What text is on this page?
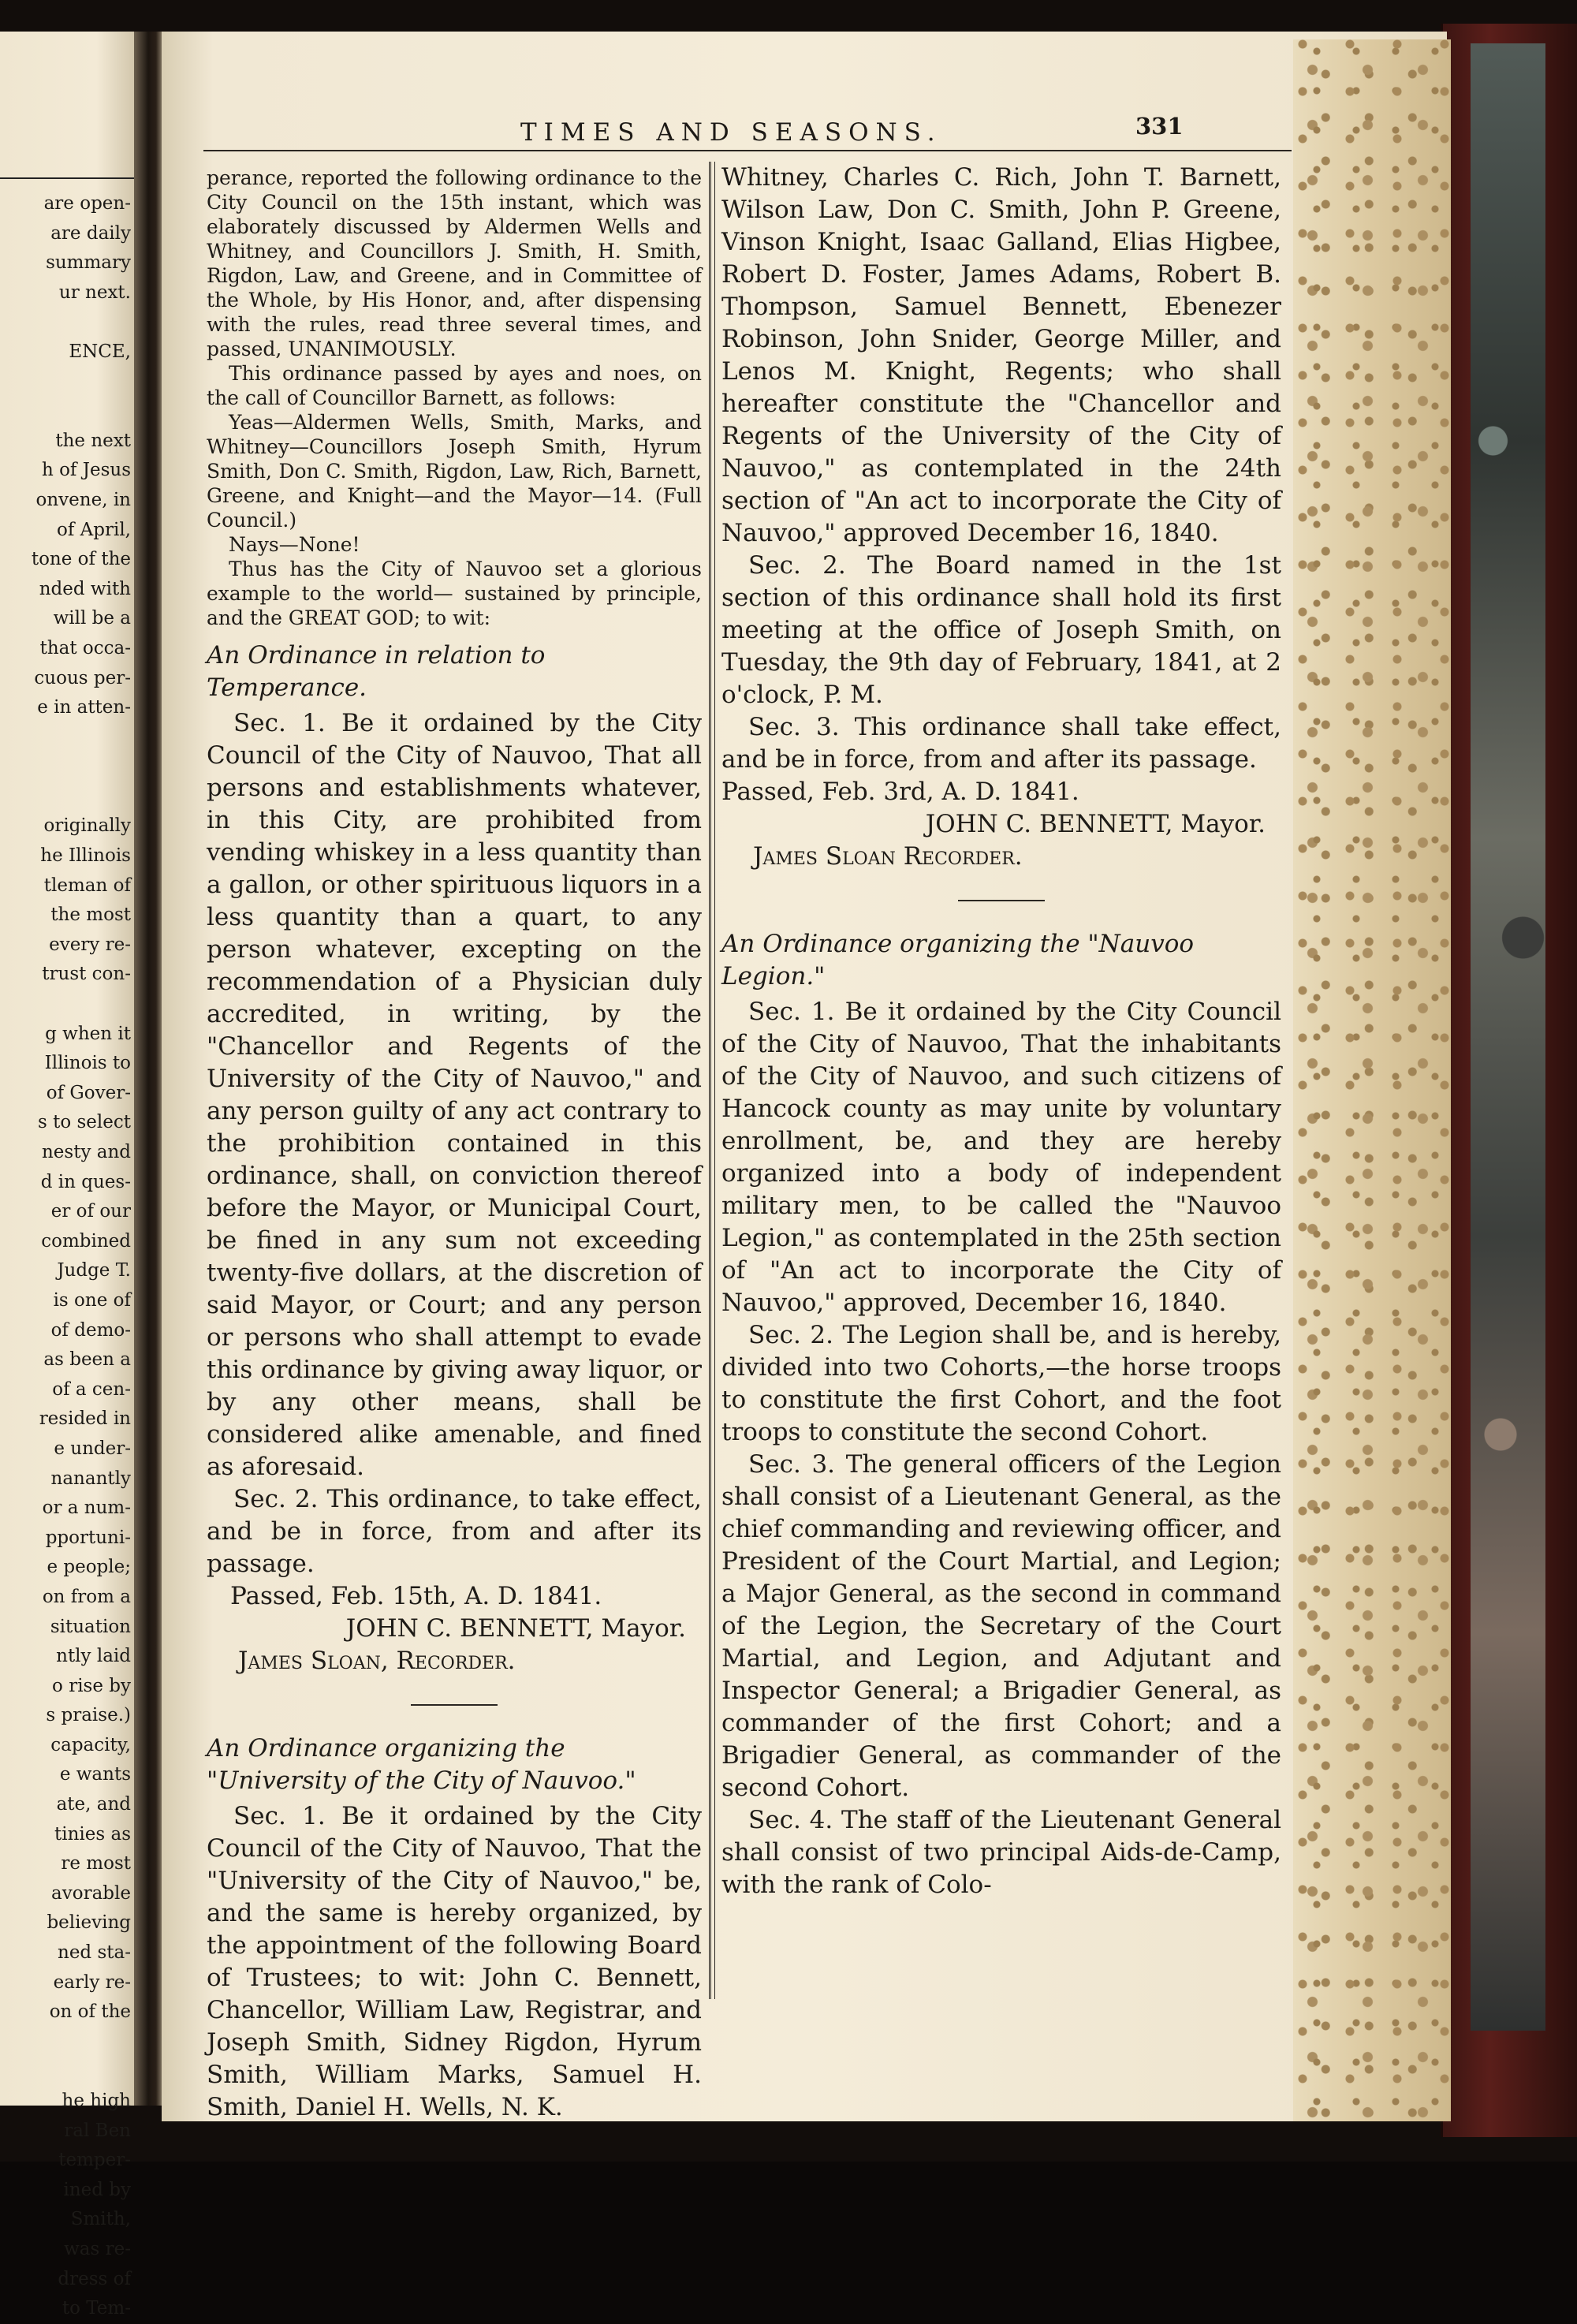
are open-
are daily
summary
ur next.
ENCE,
the next
h of Jesus
onvene, in
of April,
tone of the
nded with
will be a
that occa-
cuous per-
e in atten-
originally
he Illinois
tleman of
the most
every re-
trust con-
g when it
Illinois to
of Gover-
s to select
nesty and
d in ques-
er of our
combined
Judge T.
is one of
of demo-
as been a
of a cen-
resided in
e under-
nanantly
or a num-
pportuni-
e people;
on from a
situation
ntly laid
o rise by
s praise.)
capacity,
e wants
ate, and
tinies as
re most
avorable
believing
ned sta-
early re-
on of the
he high
ral Ben
temper-
ined by
Smith,
was re-
dress of
to Tem-
TIMES AND SEASONS.	331

perance, reported the following ordinance to the City Council on the 15th instant, which was elaborately discussed by Aldermen Wells and Whitney, and Councillors J. Smith, H. Smith, Rigdon, Law, and Greene, and in Committee of the Whole, by His Honor, and, after dispensing with the rules, read three several times, and passed, UNANIMOUSLY.

This ordinance passed by ayes and noes, on the call of Councillor Barnett, as follows:

Yeas—Aldermen Wells, Smith, Marks, and Whitney—Councillors Joseph Smith, Hyrum Smith, Don C. Smith, Rigdon, Law, Rich, Barnett, Greene, and Knight—and the Mayor—14. (Full Council.)

Nays—None!

Thus has the City of Nauvoo set a glorious example to the world— sustained by principle, and the GREAT GOD; to wit:

An Ordinance in relation to Temperance.

Sec. 1. Be it ordained by the City Council of the City of Nauvoo, That all persons and establishments whatever, in this City, are prohibited from vending whiskey in a less quantity than a gallon, or other spirituous liquors in a less quantity than a quart, to any person whatever, excepting on the recommendation of a Physician duly accredited, in writing, by the "Chancellor and Regents of the University of the City of Nauvoo," and any person guilty of any act contrary to the prohibition contained in this ordinance, shall, on conviction thereof before the Mayor, or Municipal Court, be fined in any sum not exceeding twenty-five dollars, at the discretion of said Mayor, or Court; and any person or persons who shall attempt to evade this ordinance by giving away liquor, or by any other means, shall be considered alike amenable, and fined as aforesaid.

Sec. 2. This ordinance, to take effect, and be in force, from and after its passage.

Passed, Feb. 15th, A. D. 1841.

JOHN C. BENNETT, Mayor.

James Sloan, Recorder.

An Ordinance organizing the "University of the City of Nauvoo."

Sec. 1. Be it ordained by the City Council of the City of Nauvoo, That the "University of the City of Nauvoo," be, and the same is hereby organized, by the appointment of the following Board of Trustees; to wit: John C. Bennett, Chancellor, William Law, Registrar, and Joseph Smith, Sidney Rigdon, Hyrum Smith, William Marks, Samuel H. Smith, Daniel H. Wells, N. K.

Whitney, Charles C. Rich, John T. Barnett, Wilson Law, Don C. Smith, John P. Greene, Vinson Knight, Isaac Galland, Elias Higbee, Robert D. Foster, James Adams, Robert B. Thompson, Samuel Bennett, Ebenezer Robinson, John Snider, George Miller, and Lenos M. Knight, Regents; who shall hereafter constitute the "Chancellor and Regents of the University of the City of Nauvoo," as contemplated in the 24th section of "An act to incorporate the City of Nauvoo," approved December 16, 1840.

Sec. 2. The Board named in the 1st section of this ordinance shall hold its first meeting at the office of Joseph Smith, on Tuesday, the 9th day of February, 1841, at 2 o'clock, P. M.

Sec. 3. This ordinance shall take effect, and be in force, from and after its passage.

Passed, Feb. 3rd, A. D. 1841.

JOHN C. BENNETT, Mayor.

James Sloan Recorder.

An Ordinance organizing the "Nauvoo Legion."

Sec. 1. Be it ordained by the City Council of the City of Nauvoo, That the inhabitants of the City of Nauvoo, and such citizens of Hancock county as may unite by voluntary enrollment, be, and they are hereby organized into a body of independent military men, to be called the "Nauvoo Legion," as contemplated in the 25th section of "An act to incorporate the City of Nauvoo," approved, December 16, 1840.

Sec. 2. The Legion shall be, and is hereby, divided into two Cohorts,—the horse troops to constitute the first Cohort, and the foot troops to constitute the second Cohort.

Sec. 3. The general officers of the Legion shall consist of a Lieutenant General, as the chief commanding and reviewing officer, and President of the Court Martial, and Legion; a Major General, as the second in command of the Legion, the Secretary of the Court Martial, and Legion, and Adjutant and Inspector General; a Brigadier General, as commander of the first Cohort; and a Brigadier General, as commander of the second Cohort.

Sec. 4. The staff of the Lieutenant General shall consist of two principal Aids-de-Camp, with the rank of Colo-
